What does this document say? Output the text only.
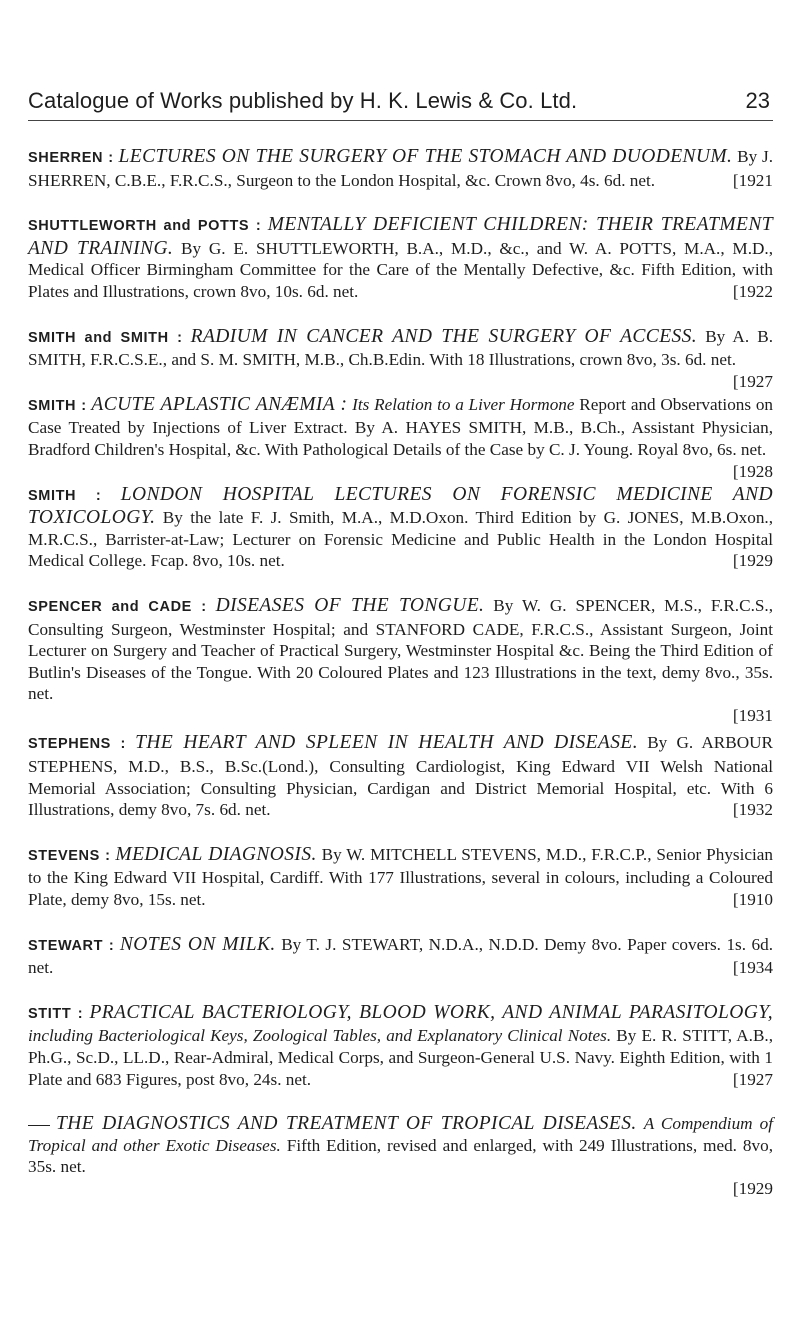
Catalogue of Works published by H. K. Lewis & Co. Ltd.	23
SHERREN : LECTURES ON THE SURGERY OF THE STOMACH AND DUODENUM. By J. SHERREN, C.B.E., F.R.C.S., Surgeon to the London Hospital, &c. Crown 8vo, 4s. 6d. net.	[1921
SHUTTLEWORTH and POTTS : MENTALLY DEFICIENT CHILDREN: THEIR TREATMENT AND TRAINING. By G. E. SHUTTLEWORTH, B.A., M.D., &c., and W. A. POTTS, M.A., M.D., Medical Officer Birmingham Committee for the Care of the Mentally Defective, &c. Fifth Edition, with Plates and Illustrations, crown 8vo, 10s. 6d. net.	[1922
SMITH and SMITH : RADIUM IN CANCER AND THE SURGERY OF ACCESS. By A. B. SMITH, F.R.C.S.E., and S. M. SMITH, M.B., Ch.B.Edin. With 18 Illustrations, crown 8vo, 3s. 6d. net.
[1927
SMITH : ACUTE APLASTIC ANÆMIA : Its Relation to a Liver Hormone Report and Observations on Case Treated by Injections of Liver Extract. By A. HAYES SMITH, M.B., B.Ch., Assistant Physician, Bradford Children's Hospital, &c. With Pathological Details of the Case by C. J. Young. Royal 8vo, 6s. net.
[1928
SMITH : LONDON HOSPITAL LECTURES ON FORENSIC MEDICINE AND TOXICOLOGY. By the late F. J. Smith, M.A., M.D.Oxon. Third Edition by G. JONES, M.B.Oxon., M.R.C.S., Barrister-at-Law; Lecturer on Forensic Medicine and Public Health in the London Hospital Medical College. Fcap. 8vo, 10s. net.	[1929
SPENCER and CADE : DISEASES OF THE TONGUE. By W. G. SPENCER, M.S., F.R.C.S., Consulting Surgeon, Westminster Hospital; and STANFORD CADE, F.R.C.S., Assistant Surgeon, Joint Lecturer on Surgery and Teacher of Practical Surgery, Westminster Hospital &c. Being the Third Edition of Butlin's Diseases of the Tongue. With 20 Coloured Plates and 123 Illustrations in the text, demy 8vo., 35s. net.
[1931
STEPHENS : THE HEART AND SPLEEN IN HEALTH AND DISEASE. By G. ARBOUR STEPHENS, M.D., B.S., B.Sc.(Lond.), Consulting Cardiologist, King Edward VII Welsh National Memorial Association; Consulting Physician, Cardigan and District Memorial Hospital, etc. With 6 Illustrations, demy 8vo, 7s. 6d. net.	[1932
STEVENS : MEDICAL DIAGNOSIS. By W. MITCHELL STEVENS, M.D., F.R.C.P., Senior Physician to the King Edward VII Hospital, Cardiff. With 177 Illustrations, several in colours, including a Coloured Plate, demy 8vo, 15s. net.	[1910
STEWART : NOTES ON MILK. By T. J. STEWART, N.D.A., N.D.D. Demy 8vo. Paper covers. 1s. 6d. net.	[1934
STITT : PRACTICAL BACTERIOLOGY, BLOOD WORK, AND ANIMAL PARASITOLOGY, including Bacteriological Keys, Zoological Tables, and Explanatory Clinical Notes. By E. R. STITT, A.B., Ph.G., Sc.D., LL.D., Rear-Admiral, Medical Corps, and Surgeon-General U.S. Navy. Eighth Edition, with 1 Plate and 683 Figures, post 8vo, 24s. net.	[1927
THE DIAGNOSTICS AND TREATMENT OF TROPICAL DISEASES. A Compendium of Tropical and other Exotic Diseases. Fifth Edition, revised and enlarged, with 249 Illustrations, med. 8vo, 35s. net.
[1929
